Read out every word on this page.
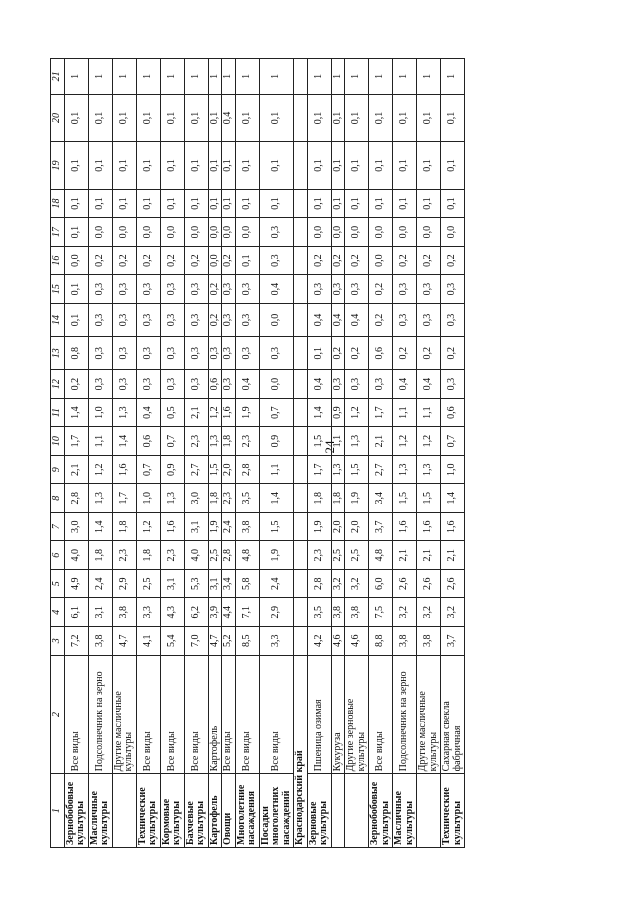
24
1	2	3	4	5	6	7	8	9	10	11	12	13	14	15	16	17	18	19	20	21
Зернобобовые культуры	Все виды	7,2	6,1	4,9	4,0	3,0	2,8	2,1	1,7	1,4	0,2	0,8	0,1	0,1	0,0	0,1	0,1	0,1	0,1	1
Масличные культуры	Подсолнечник на зерно	3,8	3,1	2,4	1,8	1,4	1,3	1,2	1,1	1,0	0,3	0,3	0,3	0,3	0,2	0,0	0,1	0,1	0,1	1
	Другие масличные культуры	4,7	3,8	2,9	2,3	1,8	1,7	1,6	1,4	1,3	0,3	0,3	0,3	0,3	0,2	0,0	0,1	0,1	0,1	1
Технические культуры	Все виды	4,1	3,3	2,5	1,8	1,2	1,0	0,7	0,6	0,4	0,3	0,3	0,3	0,3	0,2	0,0	0,1	0,1	0,1	1
Кормовые культуры	Все виды	5,4	4,3	3,1	2,3	1,6	1,3	0,9	0,7	0,5	0,3	0,3	0,3	0,3	0,2	0,0	0,1	0,1	0,1	1
Бахчевые культуры	Все виды	7,0	6,2	5,3	4,0	3,1	3,0	2,7	2,3	2,1	0,3	0,3	0,3	0,3	0,2	0,0	0,1	0,1	0,1	1
Картофель	Картофель	4,7	3,9	3,1	2,5	1,9	1,8	1,5	1,3	1,2	0,6	0,3	0,2	0,2	0,0	0,0	0,1	0,1	0,1	1
Овощи	Все виды	5,2	4,4	3,4	2,8	2,4	2,3	2,0	1,8	1,6	0,3	0,3	0,3	0,3	0,2	0,0	0,1	0,1	0,4	1
Многолетние насаждения	Все виды	8,5	7,1	5,8	4,8	3,8	3,5	2,8	2,3	1,9	0,4	0,3	0,3	0,3	0,1	0,0	0,1	0,1	0,1	1
Посадки многолетних насаждений	Все виды	3,3	2,9	2,4	1,9	1,5	1,4	1,1	0,9	0,7	0,0	0,3	0,0	0,4	0,3	0,3	0,1	0,1	0,1	1
Краснодарский край																				
Зерновые культуры	Пшеница озимая	4,2	3,5	2,8	2,3	1,9	1,8	1,7	1,5	1,4	0,4	0,1	0,4	0,3	0,2	0,0	0,1	0,1	0,1	1
	Кукуруза	4,6	3,8	3,2	2,5	2,0	1,8	1,3	1,1	0,9	0,3	0,2	0,4	0,3	0,2	0,0	0,1	0,1	0,1	1
	Другие зерновые культуры	4,6	3,8	3,2	2,5	2,0	1,9	1,5	1,3	1,2	0,3	0,2	0,4	0,3	0,2	0,0	0,1	0,1	0,1	1
Зернобобовые культуры	Все виды	8,8	7,5	6,0	4,8	3,7	3,4	2,7	2,1	1,7	0,3	0,6	0,2	0,2	0,0	0,0	0,1	0,1	0,1	1
Масличные культуры	Подсолнечник на зерно	3,8	3,2	2,6	2,1	1,6	1,5	1,3	1,2	1,1	0,4	0,2	0,3	0,3	0,2	0,0	0,1	0,1	0,1	1
	Другие масличные культуры	3,8	3,2	2,6	2,1	1,6	1,5	1,3	1,2	1,1	0,4	0,2	0,3	0,3	0,2	0,0	0,1	0,1	0,1	1
Технические культуры	Сахарная свекла фабричная	3,7	3,2	2,6	2,1	1,6	1,4	1,0	0,7	0,6	0,3	0,2	0,3	0,3	0,2	0,0	0,1	0,1	0,1	1
